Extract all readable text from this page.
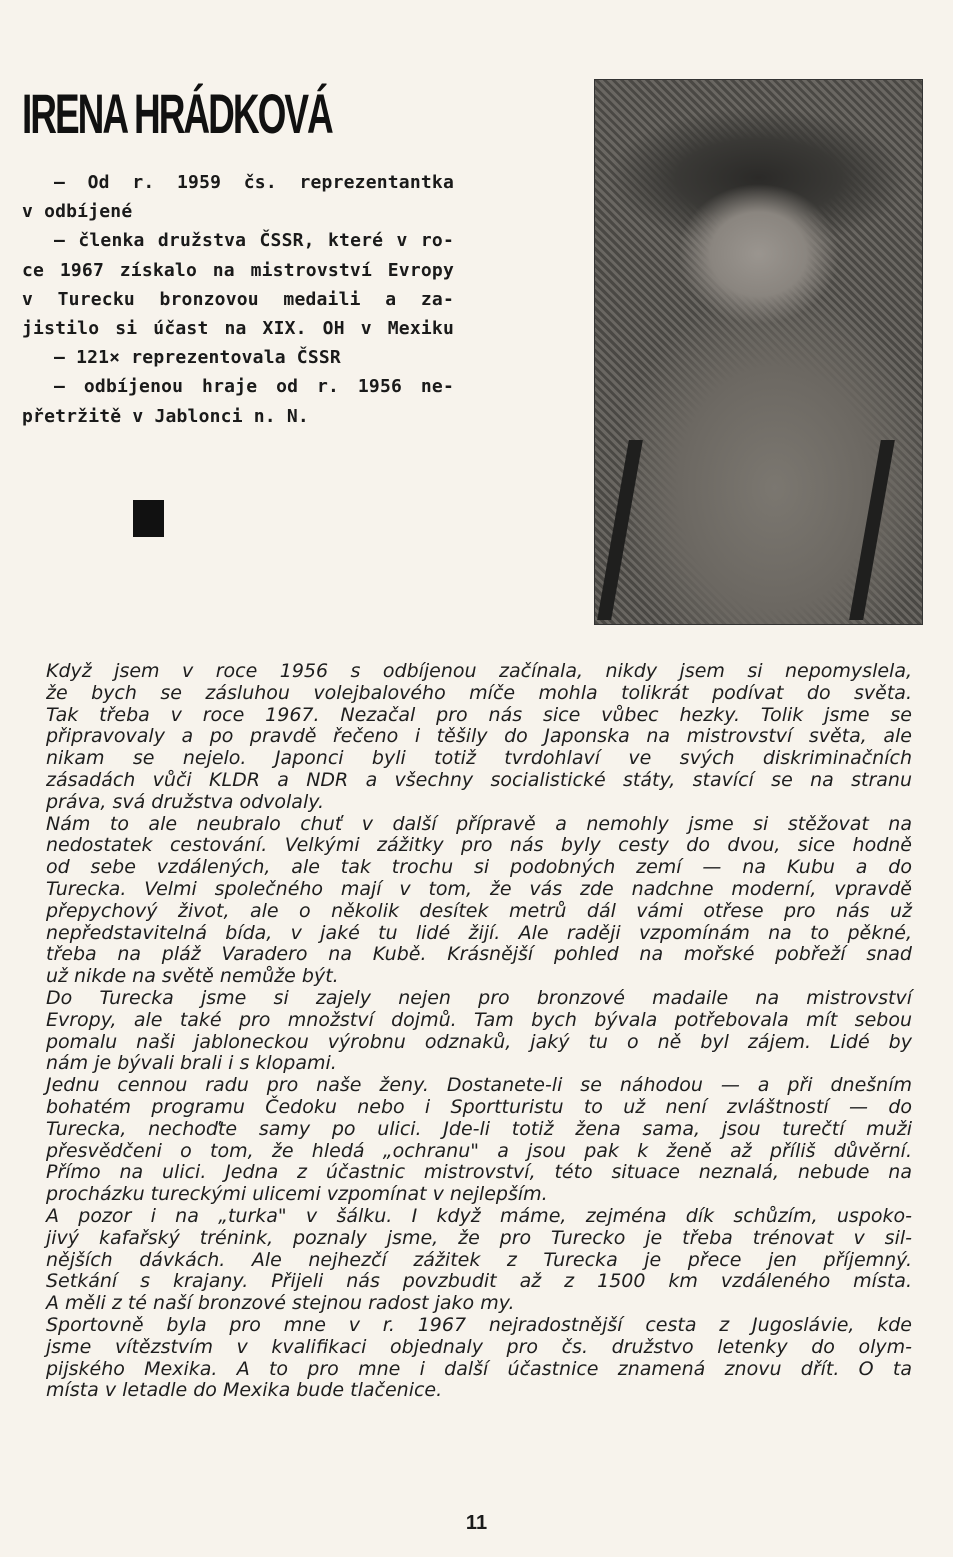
IRENA HRÁDKOVÁ
— Od r. 1959 čs. reprezentantka
v odbíjené
— členka družstva ČSSR, které v ro-
ce 1967 získalo na mistrovství Evropy
v Turecku bronzovou medaili a za-
jistilo si účast na XIX. OH v Mexiku
— 121× reprezentovala ČSSR
— odbíjenou hraje od r. 1956 ne-
přetržitě v Jablonci n. N.
Když jsem v roce 1956 s odbíjenou začínala, nikdy jsem si nepomyslela,
že bych se zásluhou volejbalového míče mohla tolikrát podívat do světa.
Tak třeba v roce 1967. Nezačal pro nás sice vůbec hezky. Tolik jsme se
připravovaly a po pravdě řečeno i těšily do Japonska na mistrovství světa, ale
nikam se nejelo. Japonci byli totiž tvrdohlaví ve svých diskriminačních
zásadách vůči KLDR a NDR a všechny socialistické státy, stavící se na stranu
práva, svá družstva odvolaly.
Nám to ale neubralo chuť v další přípravě a nemohly jsme si stěžovat na
nedostatek cestování. Velkými zážitky pro nás byly cesty do dvou, sice hodně
od sebe vzdálených, ale tak trochu si podobných zemí — na Kubu a do
Turecka. Velmi společného mají v tom, že vás zde nadchne moderní, vpravdě
přepychový život, ale o několik desítek metrů dál vámi otřese pro nás už
nepředstavitelná bída, v jaké tu lidé žijí. Ale raději vzpomínám na to pěkné,
třeba na pláž Varadero na Kubě. Krásnější pohled na mořské pobřeží snad
už nikde na světě nemůže být.
Do Turecka jsme si zajely nejen pro bronzové madaile na mistrovství
Evropy, ale také pro množství dojmů. Tam bych bývala potřebovala mít sebou
pomalu naši jabloneckou výrobnu odznaků, jaký tu o ně byl zájem. Lidé by
nám je bývali brali i s klopami.
Jednu cennou radu pro naše ženy. Dostanete-li se náhodou — a při dnešním
bohatém programu Čedoku nebo i Sportturistu to už není zvláštností — do
Turecka, nechoďte samy po ulici. Jde-li totiž žena sama, jsou turečtí muži
přesvědčeni o tom, že hledá „ochranu" a jsou pak k ženě až příliš důvěrní.
Přímo na ulici. Jedna z účastnic mistrovství, této situace neznalá, nebude na
procházku tureckými ulicemi vzpomínat v nejlepším.
A pozor i na „turka" v šálku. I když máme, zejména dík schůzím, uspoko-
jivý kafařský trénink, poznaly jsme, že pro Turecko je třeba trénovat v sil-
nějších dávkách. Ale nejhezčí zážitek z Turecka je přece jen příjemný.
Setkání s krajany. Přijeli nás povzbudit až z 1500 km vzdáleného místa.
A měli z té naší bronzové stejnou radost jako my.
Sportovně byla pro mne v r. 1967 nejradostnější cesta z Jugoslávie, kde
jsme vítězstvím v kvalifikaci objednaly pro čs. družstvo letenky do olym-
pijského Mexika. A to pro mne i další účastnice znamená znovu dřít. O ta
místa v letadle do Mexika bude tlačenice.
11
